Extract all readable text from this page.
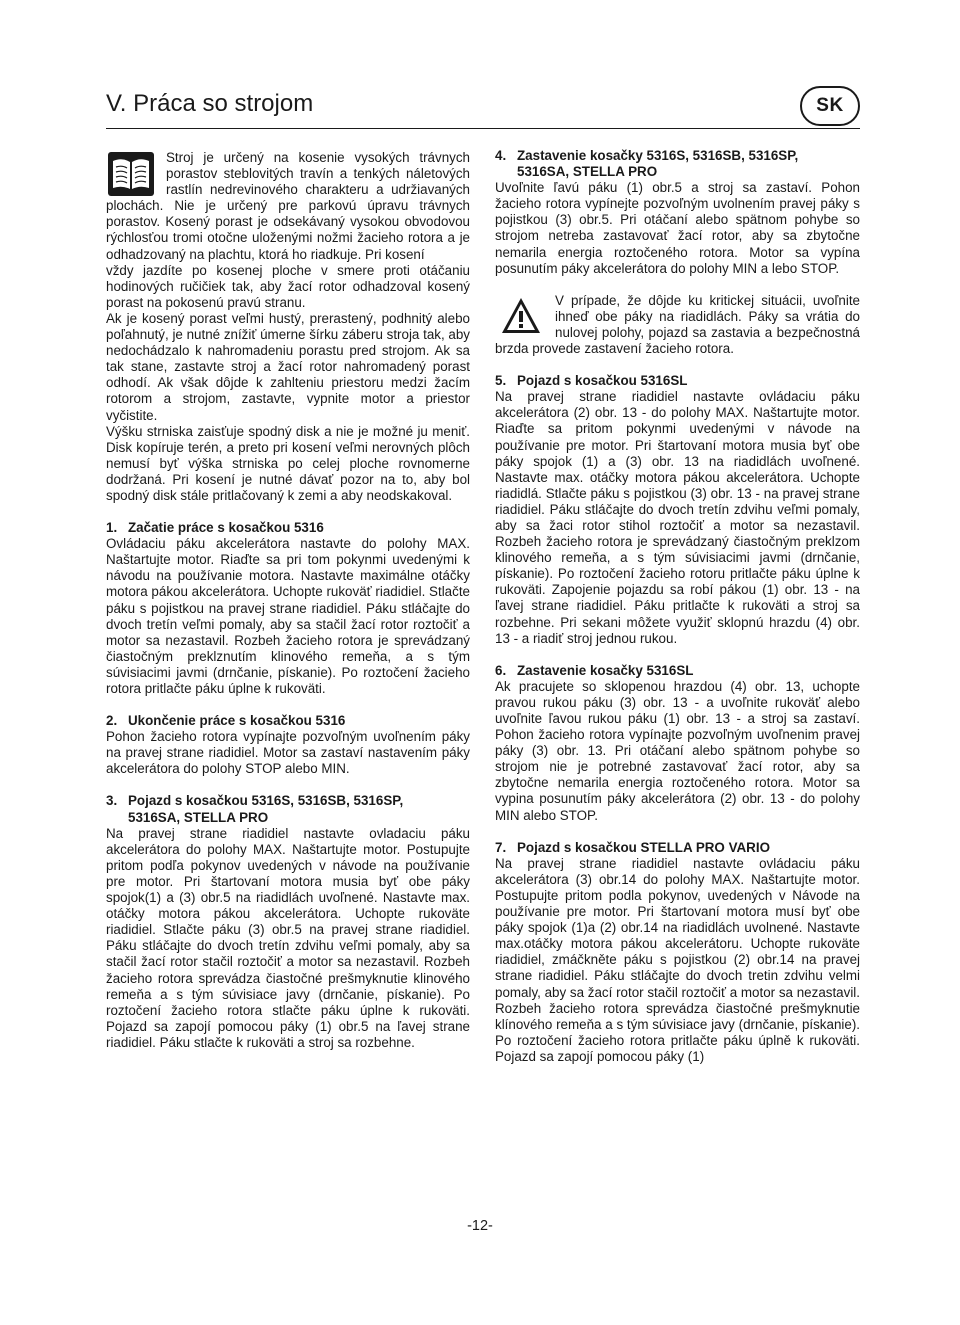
V. Práca so strojom	SK

Stroj je určený na kosenie vysokých trávnych porastov steblovitých travín a tenkých náletových rastlín nedrevinového charakteru a udržiavaných plochách. Nie je určený pre parkovú úpravu trávnych porastov. Kosený porast je odsekávaný vysokou obvodovou rýchlosťou tromi otočne uloženými nožmi žacieho rotora a je odhadzovaný na plachtu, ktorá ho riadkuje. Pri kosení

vždy jazdíte po kosenej ploche v smere proti otáčaniu hodinových ručičiek tak, aby žací rotor odhadzoval kosený porast na pokosenú pravú stranu.

Ak je kosený porast veľmi hustý, prerastený, podhnitý alebo poľahnutý, je nutné znížiť úmerne šírku záberu stroja tak, aby nedochádzalo k nahromadeniu porastu pred strojom. Ak sa tak stane, zastavte stroj a žací rotor nahromadený porast odhodí. Ak však dôjde k zahlteniu priestoru medzi žacím rotorom a strojom, zastavte, vypnite motor a priestor vyčistite.

Výšku strniska zaisťuje spodný disk a nie je možné ju meniť. Disk kopíruje terén, a preto pri kosení veľmi nerovných plôch nemusí byť výška strniska po celej ploche rovnomerne dodržaná. Pri kosení je nutné dávať pozor na to, aby bol spodný disk stále pritlačovaný k zemi a aby neodskakoval.

1. Začatie práce s kosačkou 5316

Ovládaciu páku akcelerátora nastavte do polohy MAX. Naštartujte motor. Riaďte sa pri tom pokynmi uvedenými k návodu na používanie motora. Nastavte maximálne otáčky motora pákou akcelerátora. Uchopte rukoväť riadidiel. Stlačte páku s pojistkou na pravej strane riadidiel. Páku stláčajte do dvoch tretín veľmi pomaly, aby sa stačil žací rotor roztočiť a motor sa nezastavil. Rozbeh žacieho rotora je sprevádzaný čiastočným preklznutím klinového remeňa, a s tým súvisiacimi javmi (drnčanie, pískanie). Po roztočení žacieho rotora pritlačte páku úplne k rukoväti.

2. Ukončenie práce s kosačkou 5316

Pohon žacieho rotora vypínajte pozvoľným uvoľnením páky na pravej strane riadidiel. Motor sa zastaví nastavením páky akcelerátora do polohy STOP alebo MIN.

3. Pojazd s kosačkou 5316S, 5316SB, 5316SP,
5316SA, STELLA PRO

Na pravej strane riadidiel nastavte ovladaciu páku akcelerátora do polohy MAX. Naštartujte motor. Postupujte pritom podľa pokynov uvedených v návode na používanie pre motor. Pri štartovaní motora musia byť obe páky spojok(1) a (3) obr.5 na riadidlách uvoľnené. Nastavte max. otáčky motora pákou akcelerátora. Uchopte rukoväte riadidiel. Stlačte páku (3) obr.5 na pravej strane riadidiel. Páku stláčajte do dvoch tretín zdvihu veľmi pomaly, aby sa stačil žací rotor stačil roztočiť a motor sa nezastavil. Rozbeh žacieho rotora sprevádza čiastočné prešmyknutie klinového remeňa a s tým súvisiace javy (drnčanie, pískanie). Po roztočení žacieho rotora stlačte páku úplne k rukoväti. Pojazd sa zapojí pomocou páky (1) obr.5 na ľavej strane riadidiel. Páku stlačte k rukoväti a stroj sa rozbehne.

4. Zastavenie kosačky 5316S, 5316SB, 5316SP,
5316SA, STELLA PRO

Uvoľnite ľavú páku (1) obr.5 a stroj sa zastaví. Pohon žacieho rotora vypínejte pozvoľným uvolnením pravej páky s pojistkou (3) obr.5. Pri otáčaní alebo spätnom pohybe so strojom netreba zastavovať žací rotor, aby sa zbytočne nemarila energia roztočeného rotora. Motor sa vypína posunutím páky akcelerátora do polohy MIN a lebo STOP.

V prípade, že dôjde ku kritickej situácii, uvoľnite ihneď obe páky na riadidlách. Páky sa vrátia do nulovej polohy, pojazd sa zastavia a bezpečnostná brzda provede zastavení žacieho rotora.

5. Pojazd s kosačkou 5316SL

Na pravej strane riadidiel nastavte ovládaciu páku akcelerátora (2) obr. 13 - do polohy MAX. Naštartujte motor. Riaďte sa pritom pokynmi uvedenými v návode na používanie pre motor. Pri štartovaní motora musia byť obe páky spojok (1) a (3) obr. 13 na riadidlách uvoľnené. Nastavte max. otáčky motora pákou akcelerátora. Uchopte riadidlá. Stlačte páku s pojistkou (3) obr. 13 - na pravej strane riadidiel. Páku stláčajte do dvoch tretín zdvihu veľmi pomaly, aby sa žaci rotor stihol roztočiť a motor sa nezastavil. Rozbeh žacieho rotora je sprevádzaný čiastočným preklzom klinového remeňa, a s tým súvisiacimi javmi (drnčanie, pískanie). Po roztočení žacieho rotoru pritlačte páku úplne k rukoväti. Zapojenie pojazdu sa robí pákou (1) obr. 13 - na ľavej strane riadidiel. Páku pritlačte k rukoväti a stroj sa rozbehne. Pri sekani môžete využiť sklopnú hrazdu (4) obr. 13 - a riadiť stroj jednou rukou.

6. Zastavenie kosačky 5316SL

Ak pracujete so sklopenou hrazdou (4) obr. 13, uchopte pravou rukou páku (3) obr. 13 - a uvoľnite rukoväť alebo uvoľnite ľavou rukou páku (1) obr. 13 - a stroj sa zastaví. Pohon žacieho rotora vypínajte pozvoľným uvoľnenim pravej páky (3) obr. 13. Pri otáčaní alebo spätnom pohybe so strojom nie je potrebné zastavovať žací rotor, aby sa zbytočne nemarila energia roztočeného rotora. Motor sa vypina posunutím páky akcelerátora (2) obr. 13 - do polohy MIN alebo STOP.

7. Pojazd s kosačkou STELLA PRO VARIO

Na pravej strane riadidiel nastavte ovládaciu páku akcelerátora (3) obr.14 do polohy MAX. Naštartujte motor. Postupujte pritom podla pokynov, uvedených v Návode na používanie pre motor. Pri štartovaní motora musí byť obe páky spojok (1)a (2) obr.14 na riadidlách uvolnené. Nastavte max.otáčky motora pákou akcelerátoru. Uchopte rukoväte riadidiel, zmáčkněte páku s pojistkou (2) obr.14 na pravej strane riadidiel. Páku stláčajte do dvoch tretin zdvihu velmi pomaly, aby sa žací rotor stačil roztočiť a motor sa nezastavil. Rozbeh žacieho rotora sprevádza čiastočné prešmyknutie klínového remeňa a s tým súvisiace javy (drnčanie, pískanie). Po roztočení žacieho rotora pritlačte páku úplně k rukoväti. Pojazd sa zapojí pomocou páky (1)

-12-
